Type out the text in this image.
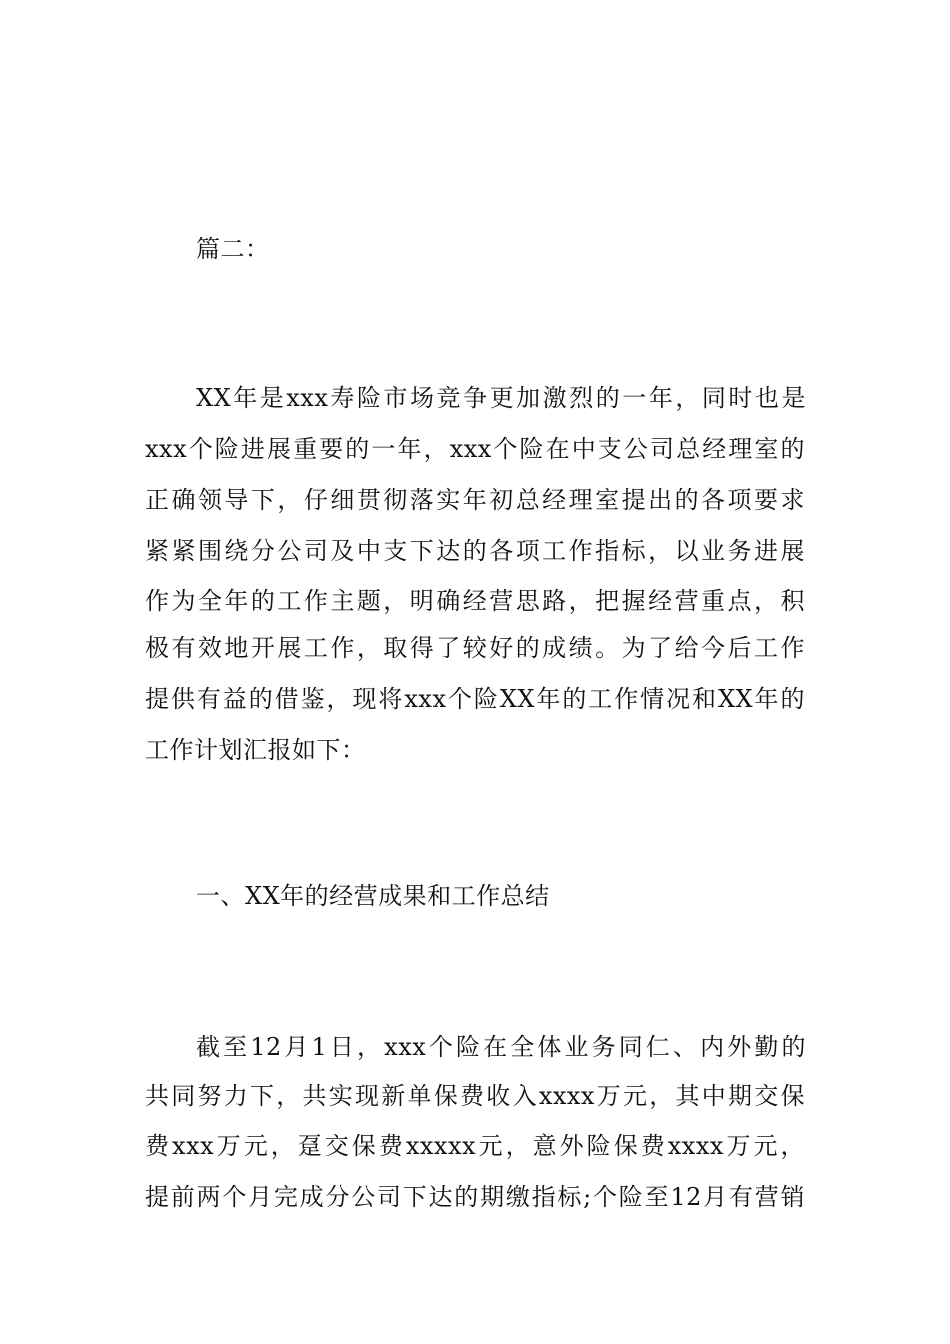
篇二：
XX年是xxx寿险市场竞争更加激烈的一年，同时也是
xxx个险进展重要的一年，xxx个险在中支公司总经理室的
正确领导下，仔细贯彻落实年初总经理室提出的各项要求
紧紧围绕分公司及中支下达的各项工作指标，以业务进展
作为全年的工作主题，明确经营思路，把握经营重点，积
极有效地开展工作，取得了较好的成绩。为了给今后工作
提供有益的借鉴，现将xxx个险XX年的工作情况和XX年的
工作计划汇报如下：
一、XX年的经营成果和工作总结
截至12月1日，xxx个险在全体业务同仁、内外勤的
共同努力下，共实现新单保费收入xxxx万元，其中期交保
费xxx万元，趸交保费xxxxx元，意外险保费xxxx万元，
提前两个月完成分公司下达的期缴指标;个险至12月有营销
